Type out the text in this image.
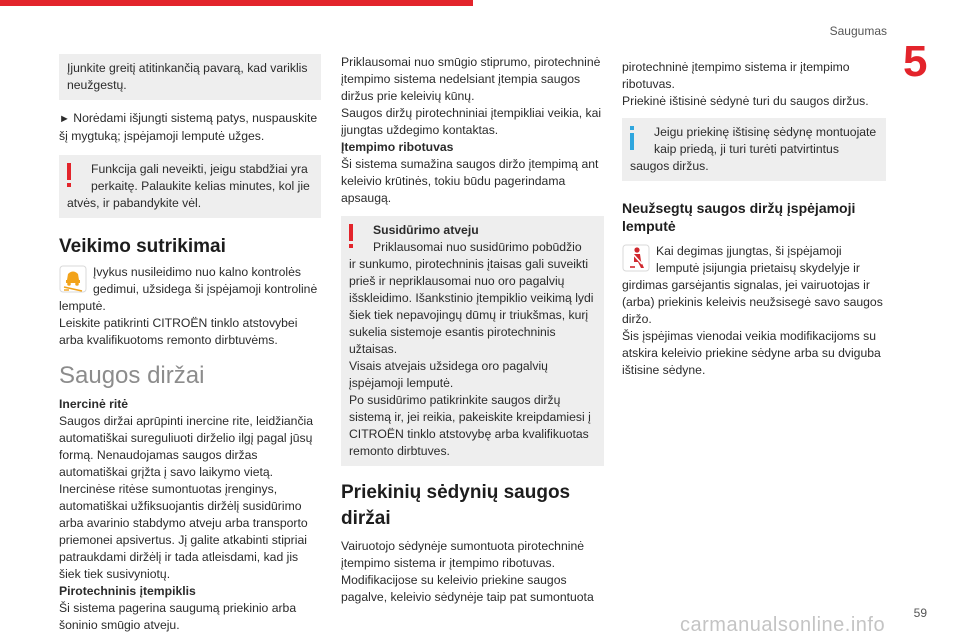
Saugumas
5

Įjunkite greitį atitinkančią pavarą, kad variklis neužgestų.

► Norėdami išjungti sistemą patys, nuspauskite šį mygtuką; įspėjamoji lemputė užges.

Funkcija gali neveikti, jeigu stabdžiai yra perkaitę. Palaukite kelias minutes, kol jie

atvės, ir pabandykite vėl.

Veikimo sutrikimai

Įvykus nusileidimo nuo kalno kontrolės gedimui, užsidega ši įspėjamoji kontrolinė

lemputė.

Leiskite patikrinti CITROËN tinklo atstovybei arba kvalifikuotoms remonto dirbtuvėms.

Saugos diržai

Inercinė ritė

Saugos diržai aprūpinti inercine rite, leidžiančia automatiškai sureguliuoti dirželio ilgį pagal jūsų formą. Nenaudojamas saugos diržas automatiškai grįžta į savo laikymo vietą. Inercinėse ritėse sumontuotas įrenginys, automatiškai užfiksuojantis diržėlį susidūrimo arba avarinio stabdymo atveju arba transporto priemonei apsivertus. Jį galite atkabinti stipriai patraukdami diržėlį ir tada atleisdami, kad jis šiek tiek susivyniotų.

Pirotechninis įtempiklis

Ši sistema pagerina saugumą priekinio arba šoninio smūgio atveju.

Priklausomai nuo smūgio stiprumo, pirotechninė įtempimo sistema nedelsiant įtempia saugos diržus prie keleivių kūnų.

Saugos diržų pirotechniniai įtempikliai veikia, kai įjungtas uždegimo kontaktas.

Įtempimo ribotuvas

Ši sistema sumažina saugos diržo įtempimą ant keleivio krūtinės, tokiu būdu pagerindama apsaugą.

Susidūrimo atveju

Priklausomai nuo susidūrimo pobūdžio

ir sunkumo, pirotechninis įtaisas gali suveikti prieš ir nepriklausomai nuo oro pagalvių išskleidimo. Išankstinio įtempiklio veikimą lydi šiek tiek nepavojingų dūmų ir triukšmas, kurį sukelia sistemoje esantis pirotechninis užtaisas.

Visais atvejais užsidega oro pagalvių įspėjamoji lemputė.

Po susidūrimo patikrinkite saugos diržų sistemą ir, jei reikia, pakeiskite kreipdamiesi į CITROËN tinklo atstovybę arba kvalifikuotas remonto dirbtuves.

Priekinių sėdynių saugos diržai

Vairuotojo sėdynėje sumontuota pirotechninė įtempimo sistema ir įtempimo ribotuvas. Modifikacijose su keleivio priekine saugos pagalve, keleivio sėdynėje taip pat sumontuota

pirotechninė įtempimo sistema ir įtempimo ribotuvas.

Priekinė ištisinė sėdynė turi du saugos diržus.

Jeigu priekinę ištisinę sėdynę montuojate kaip priedą, ji turi turėti patvirtintus

saugos diržus.

Neužsegtų saugos diržų įspėjamoji lemputė

Kai degimas įjungtas, ši įspėjamoji lemputė įsijungia prietaisų skydelyje ir

girdimas garsėjantis signalas, jei vairuotojas ir (arba) priekinis keleivis neužsisegė savo saugos diržo.

Šis įspėjimas vienodai veikia modifikacijoms su atskira keleivio priekine sėdyne arba su dviguba ištisine sėdyne.

59
carmanualsonline.info
